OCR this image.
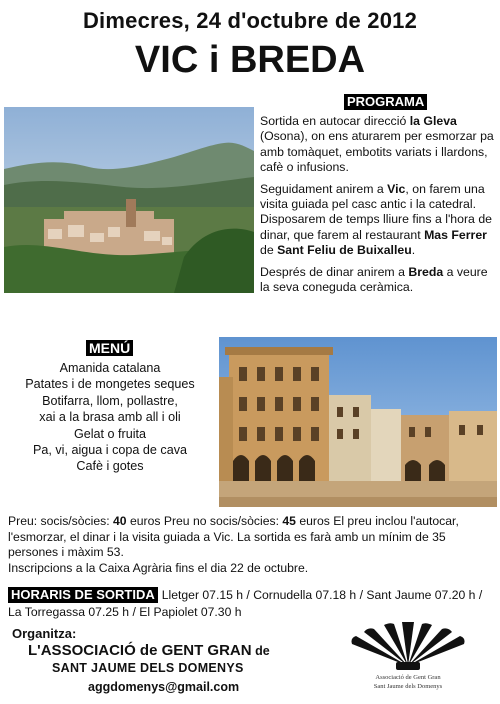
Dimecres, 24 d'octubre de 2012
VIC i BREDA
PROGRAMA

Sortida en autocar direcció la Gleva (Osona), on ens aturarem per esmorzar pa amb tomàquet, embotits variats i llardons, cafè o infusions.

Seguidament anirem a Vic, on farem una visita guiada pel casc antic i la catedral. Disposarem de temps lliure fins a l'hora de dinar, que farem al restaurant Mas Ferrer de Sant Feliu de Buixalleu.

Després de dinar anirem a Breda a veure la seva coneguda ceràmica.

MENÚ
Amanida catalana
Patates i de mongetes seques
Botifarra, llom, pollastre,
xai a la brasa amb all i oli
Gelat o fruita
Pa, vi, aigua i copa de cava
Cafè i gotes

Preu: socis/sòcies: 40 euros Preu no socis/sòcies: 45 euros El preu inclou l'autocar, l'esmorzar, el dinar i la visita guiada a Vic. La sortida es farà amb un mínim de 35 persones i màxim 53.

Inscripcions a la Caixa Agrària fins el dia 22 de octubre.

HORARIS DE SORTIDA Lletger 07.15 h / Cornudella 07.18 h / Sant Jaume 07.20 h / La Torregassa 07.25 h / El Papiolet 07.30 h
Organitza:
L'ASSOCIACIÓ de GENT GRAN de
SANT JAUME DELS DOMENYS
aggdomenys@gmail.com
Associació de Gent Gran
Sant Jaume dels Domenys
